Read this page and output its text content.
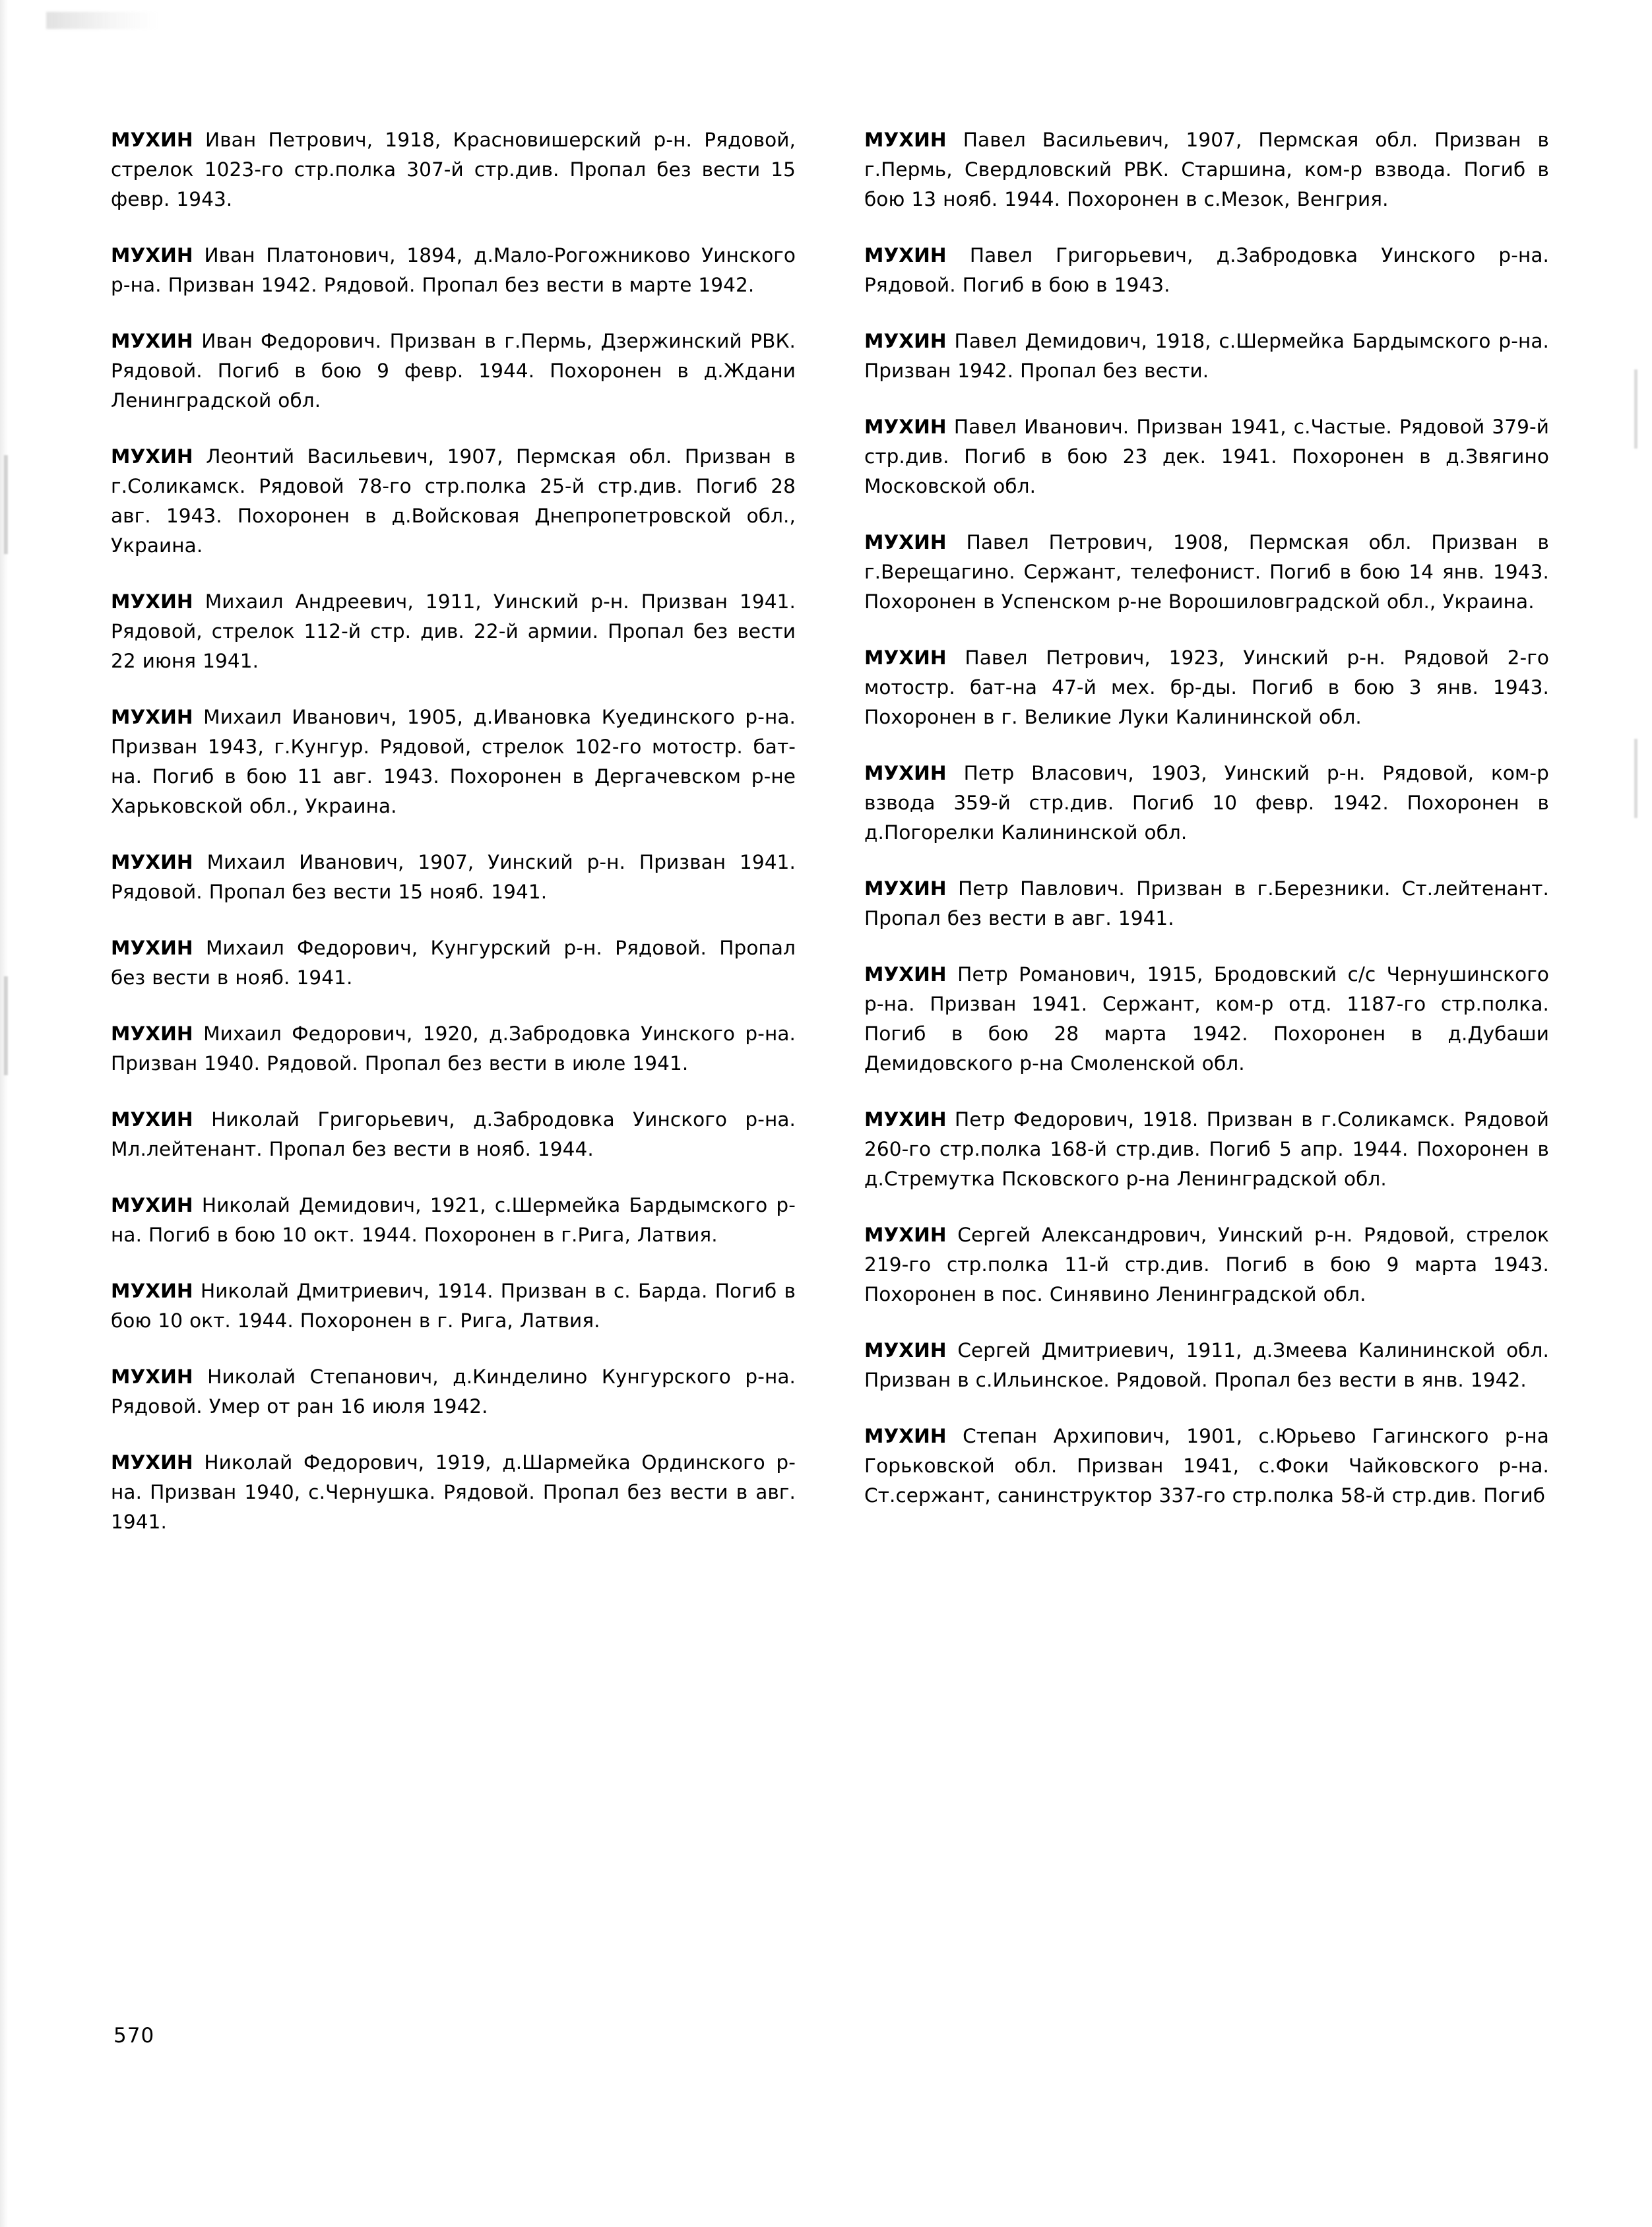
МУХИН Иван Петрович, 1918, Красновишерский р-н. Рядовой, стрелок 1023-го стр.полка 307-й стр.див. Пропал без вести 15 февр. 1943.

МУХИН Иван Платонович, 1894, д.Мало-Рогожниково Уинского р-на. Призван 1942. Рядовой. Пропал без вести в марте 1942.

МУХИН Иван Федорович. Призван в г.Пермь, Дзержинский РВК. Рядовой. Погиб в бою 9 февр. 1944. Похоронен в д.Ждани Ленинградской обл.

МУХИН Леонтий Васильевич, 1907, Пермская обл. Призван в г.Соликамск. Рядовой 78-го стр.полка 25-й стр.див. Погиб 28 авг. 1943. Похоронен в д.Войсковая Днепропетровской обл., Украина.

МУХИН Михаил Андреевич, 1911, Уинский р-н. Призван 1941. Рядовой, стрелок 112-й стр. див. 22-й армии. Пропал без вести 22 июня 1941.

МУХИН Михаил Иванович, 1905, д.Ивановка Куединского р-на. Призван 1943, г.Кунгур. Рядовой, стрелок 102-го мотостр. бат-на. Погиб в бою 11 авг. 1943. Похоронен в Дергачевском р-не Харьковской обл., Украина.

МУХИН Михаил Иванович, 1907, Уинский р-н. Призван 1941. Рядовой. Пропал без вести 15 нояб. 1941.

МУХИН Михаил Федорович, Кунгурский р-н. Рядовой. Пропал без вести в нояб. 1941.

МУХИН Михаил Федорович, 1920, д.Забродовка Уинского р-на. Призван 1940. Рядовой. Пропал без вести в июле 1941.

МУХИН Николай Григорьевич, д.Забродовка Уинского р-на. Мл.лейтенант. Пропал без вести в нояб. 1944.

МУХИН Николай Демидович, 1921, с.Шермейка Бардымского р-на. Погиб в бою 10 окт. 1944. Похоронен в г.Рига, Латвия.

МУХИН Николай Дмитриевич, 1914. Призван в с. Барда. Погиб в бою 10 окт. 1944. Похоронен в г. Рига, Латвия.

МУХИН Николай Степанович, д.Кинделино Кунгурского р-на. Рядовой. Умер от ран 16 июля 1942.

МУХИН Николай Федорович, 1919, д.Шармейка Ординского р-на. Призван 1940, с.Чернушка. Рядовой. Пропал без вести в авг. 1941.

МУХИН Павел Васильевич, 1907, Пермская обл. Призван в г.Пермь, Свердловский РВК. Старшина, ком-р взвода. Погиб в бою 13 нояб. 1944. Похоронен в с.Мезок, Венгрия.

МУХИН Павел Григорьевич, д.Забродовка Уинского р-на. Рядовой. Погиб в бою в 1943.

МУХИН Павел Демидович, 1918, с.Шермейка Бардымского р-на. Призван 1942. Пропал без вести.

МУХИН Павел Иванович. Призван 1941, с.Частые. Рядовой 379-й стр.див. Погиб в бою 23 дек. 1941. Похоронен в д.Звягино Московской обл.

МУХИН Павел Петрович, 1908, Пермская обл. Призван в г.Верещагино. Сержант, телефонист. Погиб в бою 14 янв. 1943. Похоронен в Успенском р-не Ворошиловградской обл., Украина.

МУХИН Павел Петрович, 1923, Уинский р-н. Рядовой 2-го мотостр. бат-на 47-й мех. бр-ды. Погиб в бою 3 янв. 1943. Похоронен в г. Великие Луки Калининской обл.

МУХИН Петр Власович, 1903, Уинский р-н. Рядовой, ком-р взвода 359-й стр.див. Погиб 10 февр. 1942. Похоронен в д.Погорелки Калининской обл.

МУХИН Петр Павлович. Призван в г.Березники. Ст.лейтенант. Пропал без вести в авг. 1941.

МУХИН Петр Романович, 1915, Бродовский с/с Чернушинского р-на. Призван 1941. Сержант, ком-р отд. 1187-го стр.полка. Погиб в бою 28 марта 1942. Похоронен в д.Дубаши Демидовского р-на Смоленской обл.

МУХИН Петр Федорович, 1918. Призван в г.Соликамск. Рядовой 260-го стр.полка 168-й стр.див. Погиб 5 апр. 1944. Похоронен в д.Стремутка Псковского р-на Ленинградской обл.

МУХИН Сергей Александрович, Уинский р-н. Рядовой, стрелок 219-го стр.полка 11-й стр.див. Погиб в бою 9 марта 1943. Похоронен в пос. Синявино Ленинградской обл.

МУХИН Сергей Дмитриевич, 1911, д.Змеева Калининской обл. Призван в с.Ильинское. Рядовой. Пропал без вести в янв. 1942.

МУХИН Степан Архипович, 1901, с.Юрьево Гагинского р-на Горьковской обл. Призван 1941, с.Фоки Чайковского р-на. Ст.сержант, санинструктор 337-го стр.полка 58-й стр.див. Погиб

570
